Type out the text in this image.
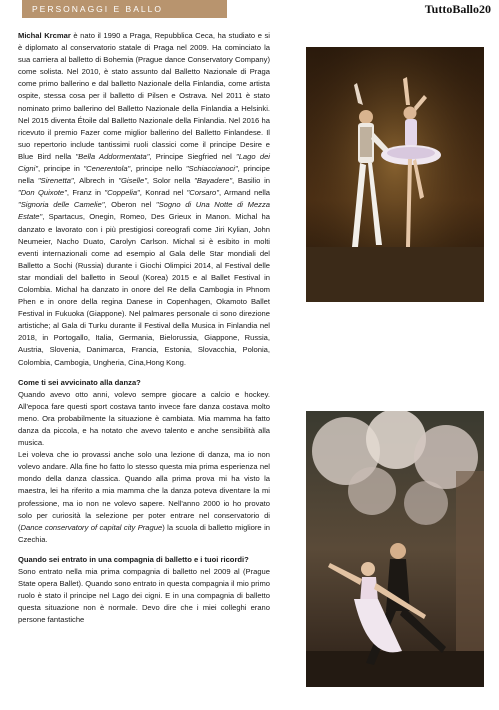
PERSONAGGI E BALLO	TuttoBallo20

Michal Krcmar è nato il 1990 a Praga, Repubblica Ceca, ha studiato e si è diplomato al conservatorio statale di Praga nel 2009. Ha cominciato la sua carriera al balletto di Bohemia (Prague dance Conservatory Company) come solista. Nel 2010, è stato assunto dal Balletto Nazionale di Praga come primo ballerino e dal balletto Nazionale della Finlandia, come artista ospite, stessa cosa per il balletto di Pilsen e Ostrava. Nel 2011 è stato nominato primo ballerino del Balletto Nazionale della Finlandia a Helsinki. Nel 2015 diventa Étoile dal Balletto Nazionale della Finlandia. Nel 2016 ha ricevuto il premio Fazer come miglior ballerino del Balletto Finlandese. Il suo repertorio include tantissimi ruoli classici come il principe Desire e Blue Bird nella "Bella Addormentata", Principe Siegfried nel "Lago dei Cigni", principe in "Cenerentola", principe nello "Schiaccianoci", principe nella "Sirenetta", Albrech in "Giselle", Solor nella "Bayadere", Basilio in "Don Quixote", Franz in "Coppelia", Konrad nel "Corsaro", Armand nella "Signoria delle Camelie", Oberon nel "Sogno di Una Notte di Mezza Estate", Spartacus, Onegin, Romeo, Des Grieux in Manon. Michal ha danzato e lavorato con i più prestigiosi coreografi come Jiri Kylian, John Neumeier, Nacho Duato, Carolyn Carlson. Michal si è esibito in molti eventi internazionali come ad esempio al Gala delle Star mondiali del Balletto a Sochi (Russia) durante i Giochi Olimpici 2014, al Festival delle star mondiali del balletto in Seoul (Korea) 2015 e al Ballet Festival in Colombia. Michal ha danzato in onore del Re della Cambogia in Phnom Phen e in onore della regina Danese in Copenhagen, Okamoto Ballet Festival in Fukuoka (Giappone). Nel palmares personale ci sono direzione artistiche; al Gala di Turku durante il Festival della Musica in Finlandia nel 2018, in Portogallo, Italia, Germania, Bielorussia, Giappone, Russia, Austria, Slovenia, Danimarca, Francia, Estonia, Slovacchia, Polonia, Colombia, Cambogia, Ungheria, Cina,Hong Kong.

Come ti sei avvicinato alla danza?

Quando avevo otto anni, volevo sempre giocare a calcio e hockey. All'epoca fare questi sport costava tanto invece fare danza costava molto meno. Ora probabilmente la situazione è cambiata. Mia mamma ha fatto danza da piccola, e ha notato che avevo talento e anche sensibilità alla musica.

Lei voleva che io provassi anche solo una lezione di danza, ma io non volevo andare. Alla fine ho fatto lo stesso questa mia prima esperienza nel mondo della danza classica. Quando alla prima prova mi ha visto la maestra, lei ha riferito a mia mamma che la danza poteva diventare la mi professione, ma io non ne volevo sapere. Nell'anno 2000 io ho provato solo per curiosità la selezione per poter entrare nel conservatorio di (Dance conservatory of capital city Prague) la scuola di balletto migliore in Czechia.

Quando sei entrato in una compagnia di balletto e i tuoi ricordi?

Sono entrato nella mia prima compagnia di balletto nel 2009 al (Prague State opera Ballet). Quando sono entrato in questa compagnia il mio primo ruolo è stato il principe nel Lago dei cigni. E in una compagnia di balletto questa situazione non è normale. Devo dire che i miei colleghi erano persone fantastiche
